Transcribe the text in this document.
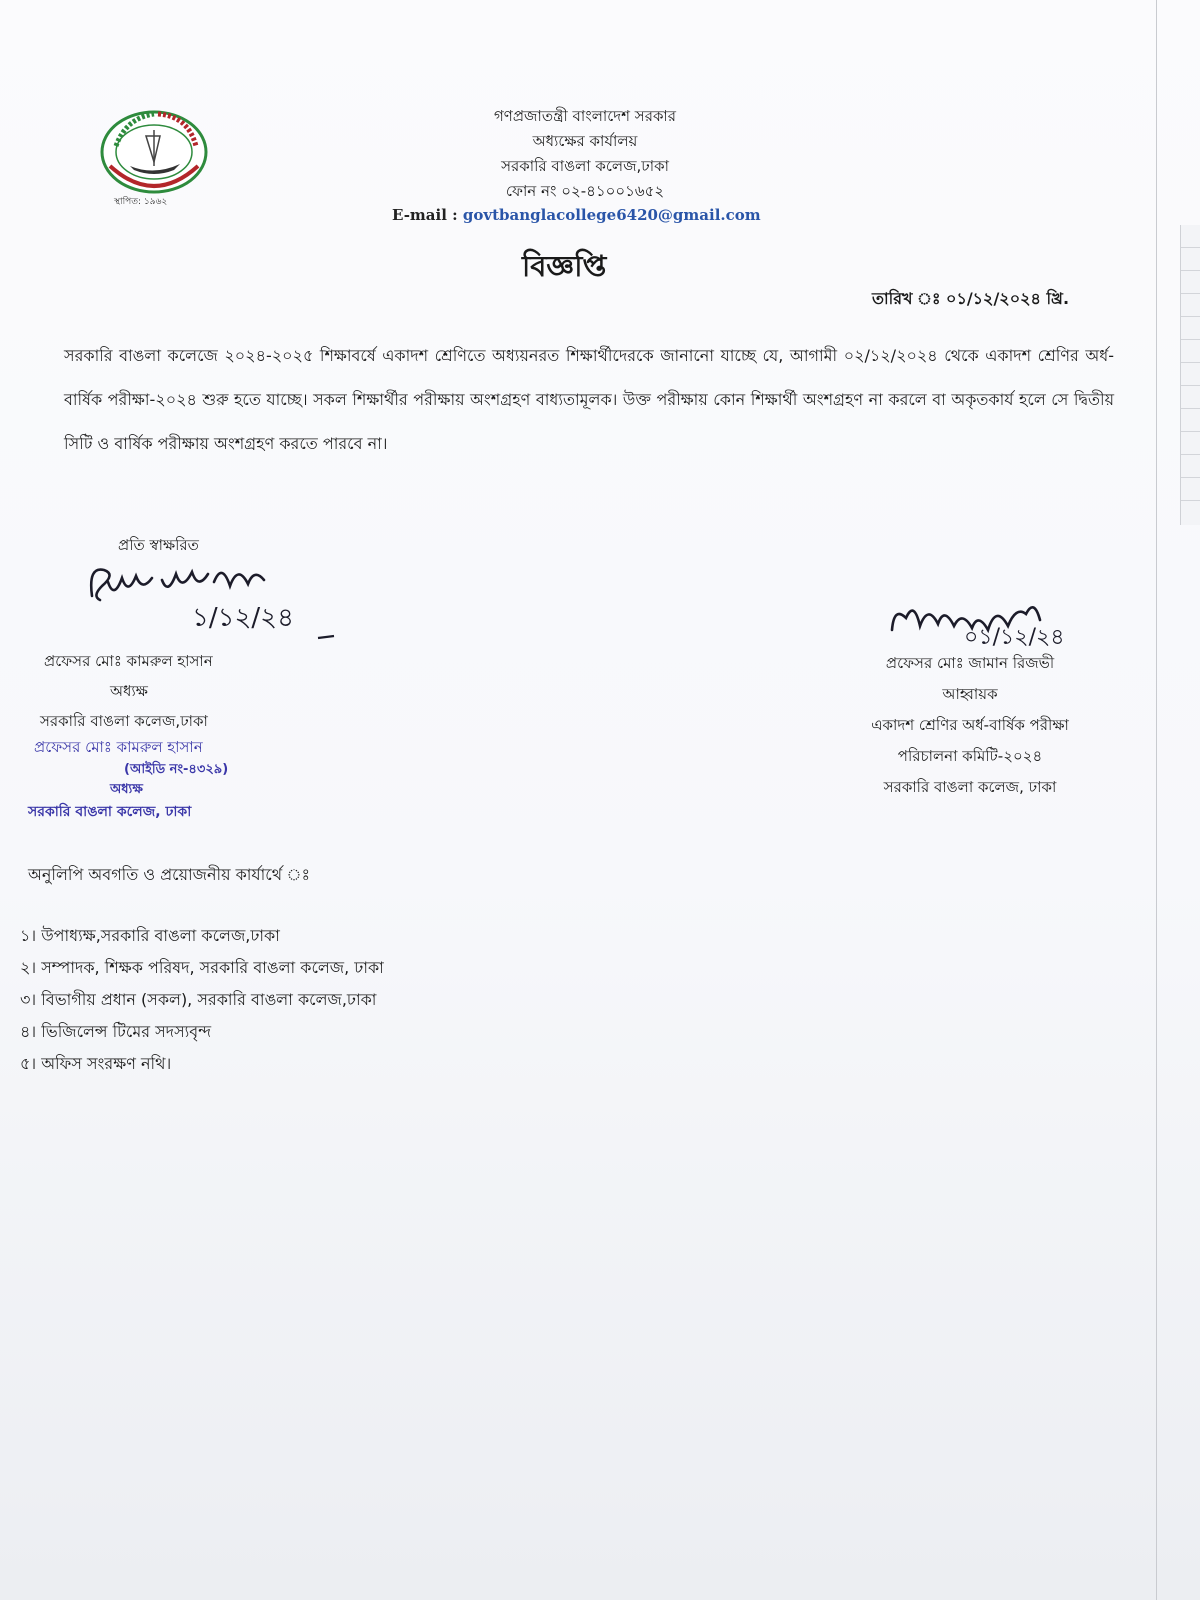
স্থাপিত: ১৯৬২
গণপ্রজাতন্ত্রী বাংলাদেশ সরকার
অধ্যক্ষের কার্যালয়
সরকারি বাঙলা কলেজ,ঢাকা
ফোন নং ০২-৪১০০১৬৫২
E-mail : govtbanglacollege6420@gmail.com
বিজ্ঞপ্তি
তারিখ ঃ ০১/১২/২০২৪ খ্রি.
সরকারি বাঙলা কলেজে ২০২৪-২০২৫ শিক্ষাবর্ষে একাদশ শ্রেণিতে অধ্যয়নরত শিক্ষার্থীদেরকে জানানো যাচ্ছে যে, আগামী ০২/১২/২০২৪ থেকে একাদশ শ্রেণির অর্ধ-বার্ষিক পরীক্ষা-২০২৪ শুরু হতে যাচ্ছে। সকল শিক্ষার্থীর পরীক্ষায় অংশগ্রহণ বাধ্যতামূলক। উক্ত পরীক্ষায় কোন শিক্ষার্থী অংশগ্রহণ না করলে বা অকৃতকার্য হলে সে দ্বিতীয় সিটি ও বার্ষিক পরীক্ষায় অংশগ্রহণ করতে পারবে না।
প্রতি স্বাক্ষরিত
প্রফেসর মোঃ কামরুল হাসান
অধ্যক্ষ
সরকারি বাঙলা কলেজ,ঢাকা
১/১২/২৪
প্রফেসর মোঃ কামরুল হাসান
(আইডি নং-৪৩২৯)
অধ্যক্ষ
সরকারি বাঙলা কলেজ, ঢাকা
০১/১২/২৪
প্রফেসর মোঃ জামান রিজভী
আহ্বায়ক
একাদশ শ্রেণির অর্ধ-বার্ষিক পরীক্ষা
পরিচালনা কমিটি-২০২৪
সরকারি বাঙলা কলেজ, ঢাকা
অনুলিপি অবগতি ও প্রয়োজনীয় কার্যার্থে ঃ
১। উপাধ্যক্ষ,সরকারি বাঙলা কলেজ,ঢাকা
২। সম্পাদক, শিক্ষক পরিষদ, সরকারি বাঙলা কলেজ, ঢাকা
৩। বিভাগীয় প্রধান (সকল), সরকারি বাঙলা কলেজ,ঢাকা
৪। ভিজিলেন্স টিমের সদস্যবৃন্দ
৫। অফিস সংরক্ষণ নথি।
